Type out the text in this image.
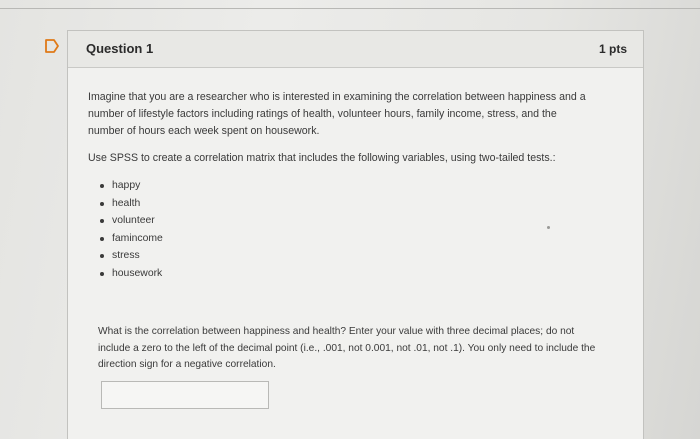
Question 1	1 pts

Imagine that you are a researcher who is interested in examining the correlation between happiness and a number of lifestyle factors including ratings of health, volunteer hours, family income, stress, and the number of hours each week spent on housework.

Use SPSS to create a correlation matrix that includes the following variables, using two-tailed tests.:

happy
health
volunteer
famincome
stress
housework

What is the correlation between happiness and health? Enter your value with three decimal places; do not include a zero to the left of the decimal point (i.e., .001, not 0.001, not .01, not .1). You only need to include the direction sign for a negative correlation.
